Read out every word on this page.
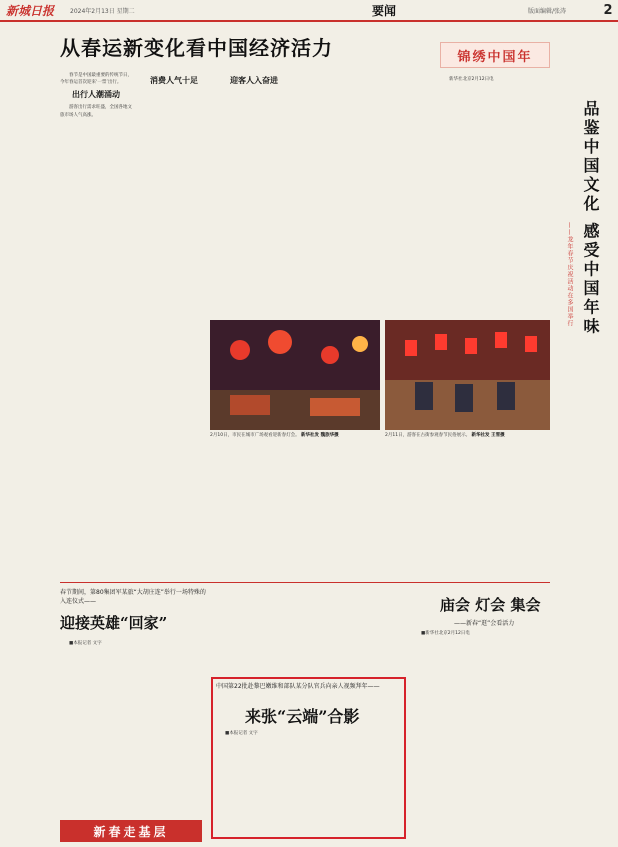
新城日报	2024年2月13日 星期二	要闻	版面编辑/张涛	2
从春运新变化看中国经济活力

春节是中国最重要的传统节日，今年春运首次迎来‘一票’出行。

出行人潮涌动

游客出行需求旺盛，全国各地文旅市场人气高涨。

消费人气十足	迎客人入奋进

2月10日，市民在城市广场观看迎新春灯会。 新华社发 魏旅华摄	2月11日，游客在古街参观春节民俗展示。 新华社发 王雪摄
锦绣中国年

新华社北京2月12日电

品鉴中国文化 感受中国年味
——龙年春节庆祝活动在多国举行
春节期间，第80集团军某旅“大胡庄连”举行一场特殊的入连仪式——
迎接英雄“回家”

■本报记者 文字

中国第22批赴黎巴嫩维和部队某分队官兵向亲人视频拜年——
来张“云端”合影

■本报记者 文字

庙会 灯会 集会
——新春“逛”会看活力

■新华社北京2月12日电

新春走基层
